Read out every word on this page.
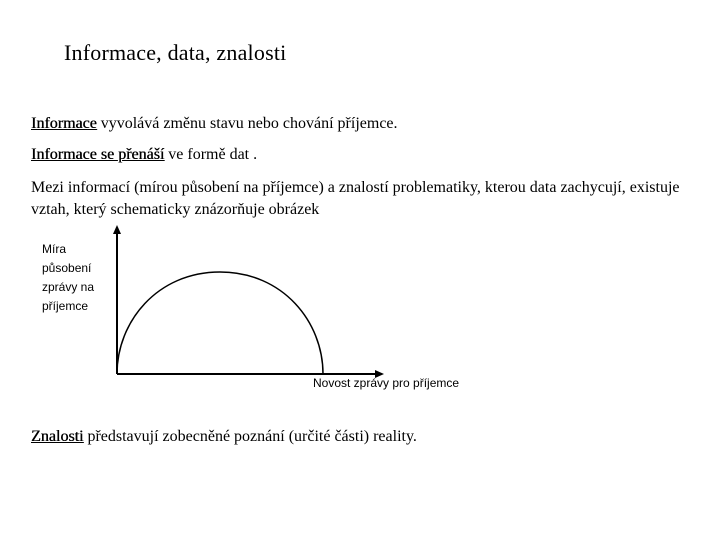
Informace, data, znalosti

Informace vyvolává změnu stavu nebo chování příjemce.

Informace se přenáší ve formě dat .

Mezi informací (mírou působení na příjemce) a znalostí problematiky, kterou data zachycují, existuje vztah, který schematicky znázorňuje obrázek

Míra působení zprávy na příjemce
Novost zprávy pro příjemce

Znalosti představují zobecněné poznání (určité části) reality.
